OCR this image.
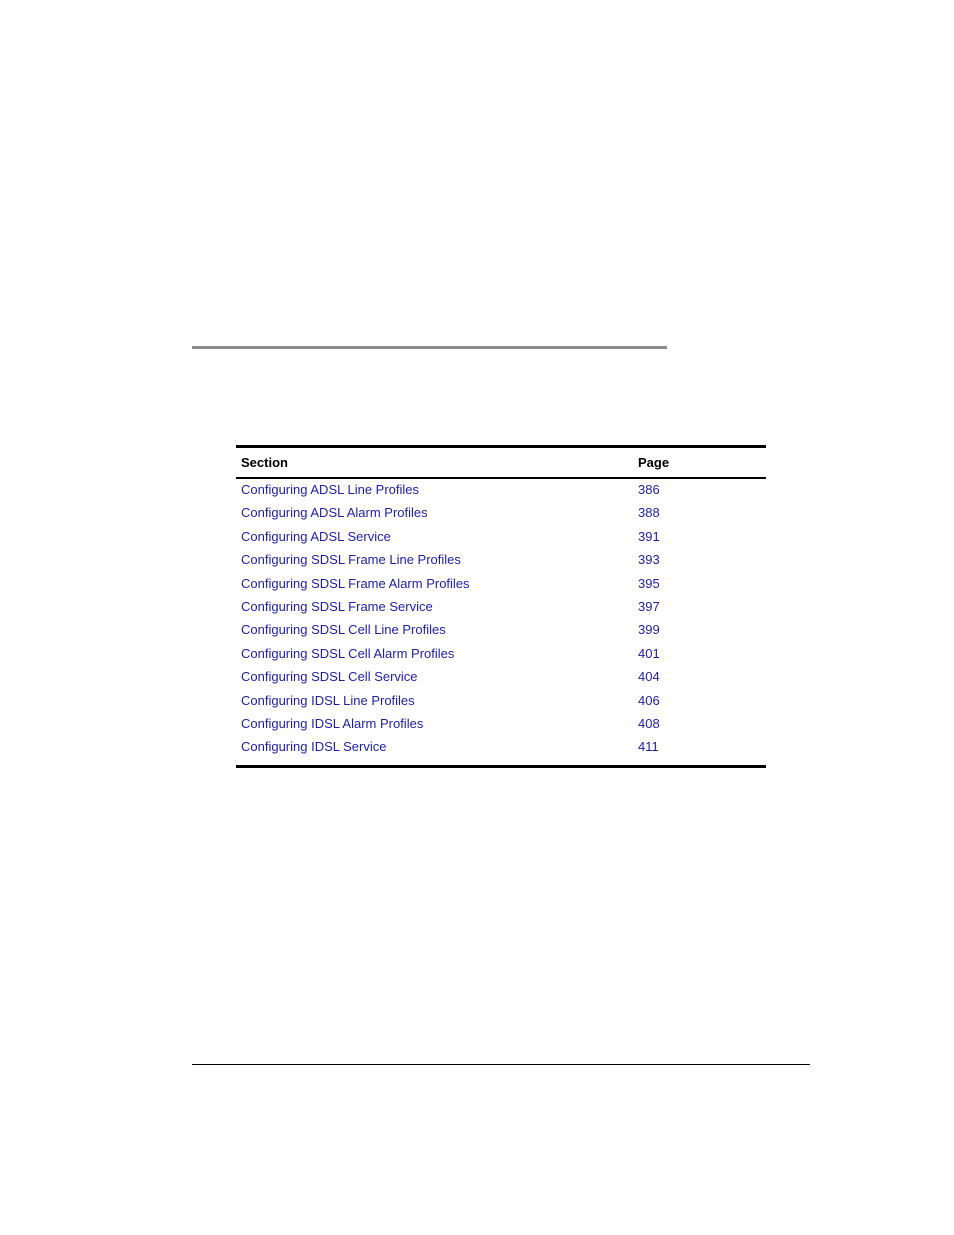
Section	Page
Configuring ADSL Line Profiles	386
Configuring ADSL Alarm Profiles	388
Configuring ADSL Service	391
Configuring SDSL Frame Line Profiles	393
Configuring SDSL Frame Alarm Profiles	395
Configuring SDSL Frame Service	397
Configuring SDSL Cell Line Profiles	399
Configuring SDSL Cell Alarm Profiles	401
Configuring SDSL Cell Service	404
Configuring IDSL Line Profiles	406
Configuring IDSL Alarm Profiles	408
Configuring IDSL Service	411
